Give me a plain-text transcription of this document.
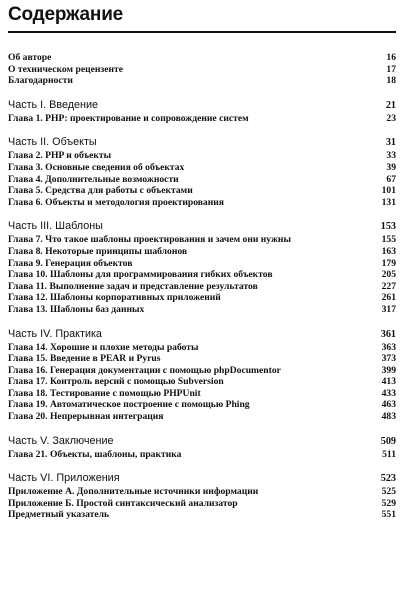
Содержание
Об авторе	16
О техническом рецензенте	17
Благодарности	18
Часть I. Введение	21
Глава 1. PHP: проектирование и сопровождение систем	23
Часть II. Объекты	31
Глава 2. PHP и объекты	33
Глава 3. Основные сведения об объектах	39
Глава 4. Дополнительные возможности	67
Глава 5. Средства для работы с объектами	101
Глава 6. Объекты и методология проектирования	131
Часть III. Шаблоны	153
Глава 7. Что такое шаблоны проектирования и зачем они нужны	155
Глава 8. Некоторые принципы шаблонов	163
Глава 9. Генерация объектов	179
Глава 10. Шаблоны для программирования гибких объектов	205
Глава 11. Выполнение задач и представление результатов	227
Глава 12. Шаблоны корпоративных приложений	261
Глава 13. Шаблоны баз данных	317
Часть IV. Практика	361
Глава 14. Хорошие и плохие методы работы	363
Глава 15. Введение в PEAR и Pyrus	373
Глава 16. Генерация документации с помощью phpDocumentor	399
Глава 17. Контроль версий с помощью Subversion	413
Глава 18. Тестирование с помощью PHPUnit	433
Глава 19. Автоматическое построение с помощью Phing	463
Глава 20. Непрерывная интеграция	483
Часть V. Заключение	509
Глава 21. Объекты, шаблоны, практика	511
Часть VI. Приложения	523
Приложение А. Дополнительные источники информации	525
Приложение Б. Простой синтаксический анализатор	529
Предметный указатель	551
